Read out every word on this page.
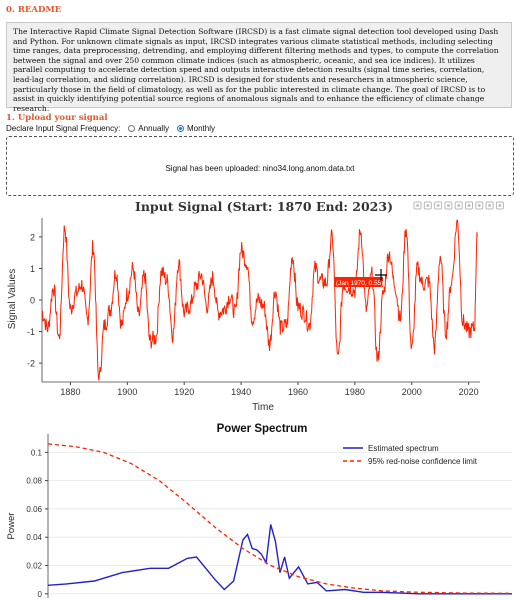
0. README
The Interactive Rapid Climate Signal Detection Software (IRCSD) is a fast climate signal detection tool developed using Dash and Python. For unknown climate signals as input, IRCSD integrates various climate statistical methods, including selecting time ranges, data preprocessing, detrending, and employing different filtering methods and types, to compute the correlation between the signal and over 250 common climate indices (such as atmospheric, oceanic, and sea ice indices). It utilizes parallel computing to accelerate detection speed and outputs interactive detection results (signal time series, correlation, lead-lag correlation, and sliding correlation). IRCSD is designed for students and researchers in atmospheric science, particularly those in the field of climatology, as well as for the public interested in climate change. The goal of IRCSD is to assist in quickly identifying potential source regions of anomalous signals and to enhance the efficiency of climate change research.
1. Upload your signal
Declare Input Signal Frequency: Annually Monthly
Signal has been uploaded: nino34.long.anom.data.txt
Input Signal (Start: 1870 End: 2023)
-2
-1
0
1
2
1880	1900	1920	1940	1960	1980	2000	2020
Time
Signal Values	(Jan 1970, 0.55)
Power Spectrum
0
0.02
0.04
0.06
0.08
0.1
Power
Estimated spectrum
95% red-noise confidence limit
